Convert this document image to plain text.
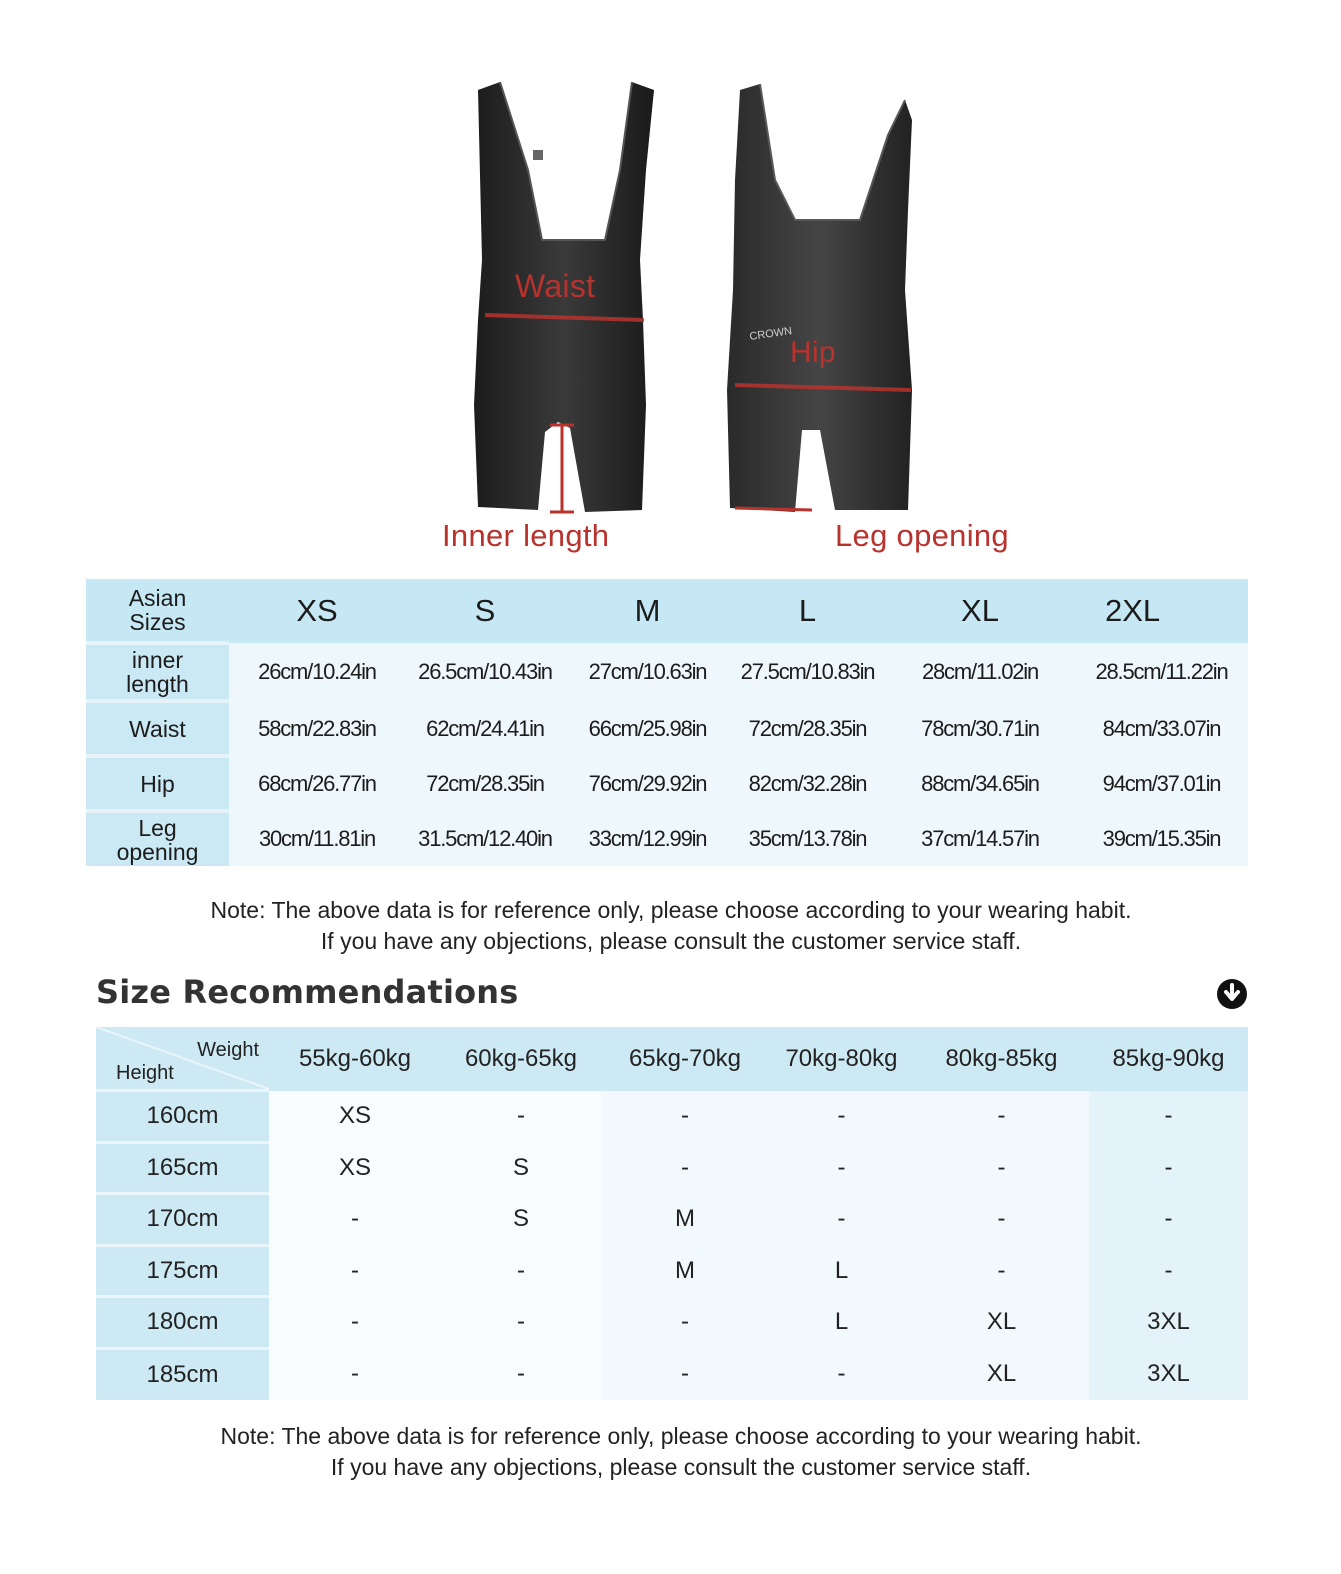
CROWN
Waist
Hip
Inner length	Leg opening
Asian
Sizes	XS	S	M	L	XL	2XL

inner
length	26cm/10.24in	26.5cm/10.43in	27cm/10.63in	27.5cm/10.83in	28cm/11.02in	28.5cm/11.22in

Waist	58cm/22.83in	62cm/24.41in	66cm/25.98in	72cm/28.35in	78cm/30.71in	84cm/33.07in

Hip	68cm/26.77in	72cm/28.35in	76cm/29.92in	82cm/32.28in	88cm/34.65in	94cm/37.01in

Leg
opening	30cm/11.81in	31.5cm/12.40in	33cm/12.99in	35cm/13.78in	37cm/14.57in	39cm/15.35in
Note: The above data is for reference only, please choose according to your wearing habit.
If you have any objections, please consult the customer service staff.
Size Recommendations
Weight
Height	55kg-60kg	60kg-65kg	65kg-70kg	70kg-80kg	80kg-85kg	85kg-90kg
160cm	XS	-	-	-	-	-
165cm	XS	S	-	-	-	-
170cm	-	S	M	-	-	-
175cm	-	-	M	L	-	-
180cm	-	-	-	L	XL	3XL
185cm	-	-	-	-	XL	3XL
Note: The above data is for reference only, please choose according to your wearing habit.
If you have any objections, please consult the customer service staff.
